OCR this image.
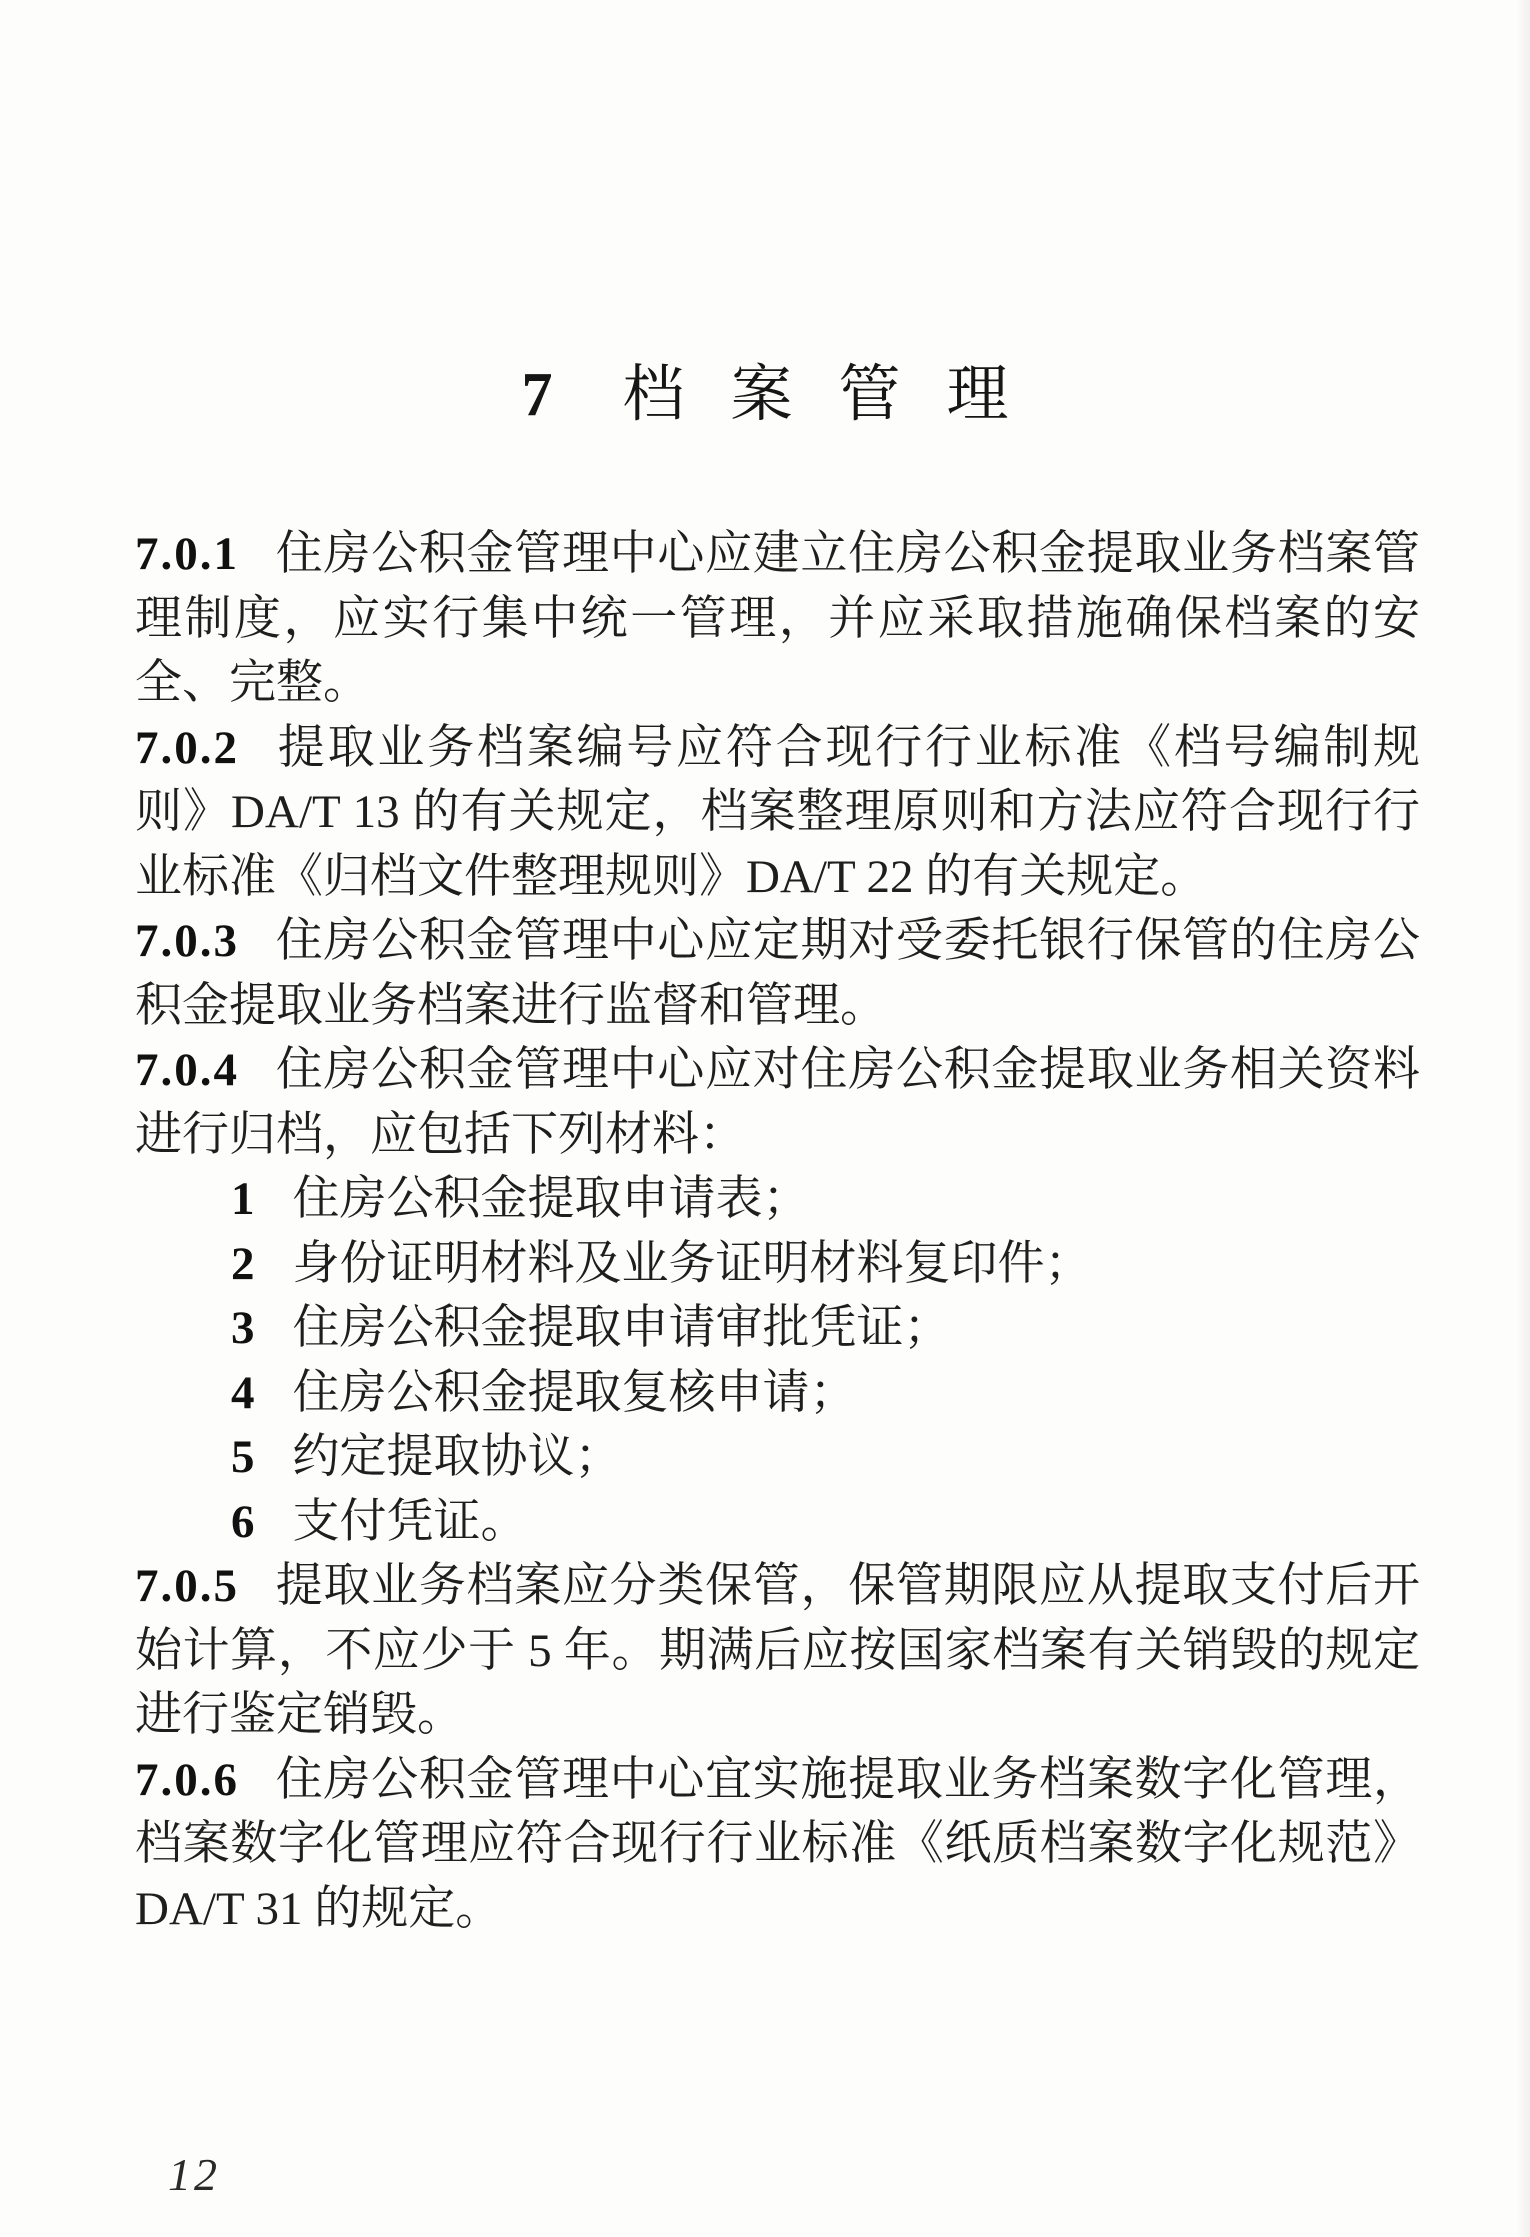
7 档案管理

7.0.1 住房公积金管理中心应建立住房公积金提取业务档案管理制度，应实行集中统一管理，并应采取措施确保档案的安全、完整。

7.0.2 提取业务档案编号应符合现行行业标准《档号编制规则》DA/T 13 的有关规定，档案整理原则和方法应符合现行行业标准《归档文件整理规则》DA/T 22 的有关规定。

7.0.3 住房公积金管理中心应定期对受委托银行保管的住房公积金提取业务档案进行监督和管理。

7.0.4 住房公积金管理中心应对住房公积金提取业务相关资料进行归档，应包括下列材料：

1 住房公积金提取申请表；

2 身份证明材料及业务证明材料复印件；

3 住房公积金提取申请审批凭证；

4 住房公积金提取复核申请；

5 约定提取协议；

6 支付凭证。

7.0.5 提取业务档案应分类保管，保管期限应从提取支付后开始计算，不应少于 5 年。期满后应按国家档案有关销毁的规定进行鉴定销毁。

7.0.6 住房公积金管理中心宜实施提取业务档案数字化管理，档案数字化管理应符合现行行业标准《纸质档案数字化规范》DA/T 31 的规定。

12
